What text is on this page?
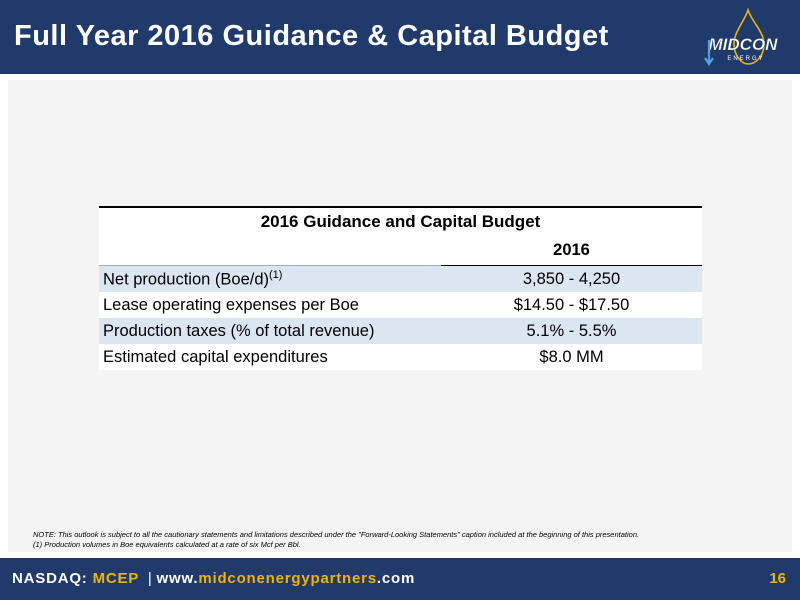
Full Year 2016 Guidance & Capital Budget	MIDCON
ENERGY
2016 Guidance and Capital Budget	
	2016
Net production $(Boe/d)^{(1)}$	3,850 - 4,250
Lease operating expenses per Boe	$14.50 - $17.50
Production taxes (% of total revenue)	5.1% - 5.5%
Estimated capital expenditures	$8.0 MM
NOTE: This outlook is subject to all the cautionary statements and limitations described under the "Forward-Looking Statements" caption included at the beginning of this presentation.
(1) Production volumes in Boe equivalents calculated at a rate of six Mcf per Bbl.
NASDAQ: MCEP | www.midconenergypartners.com	16
